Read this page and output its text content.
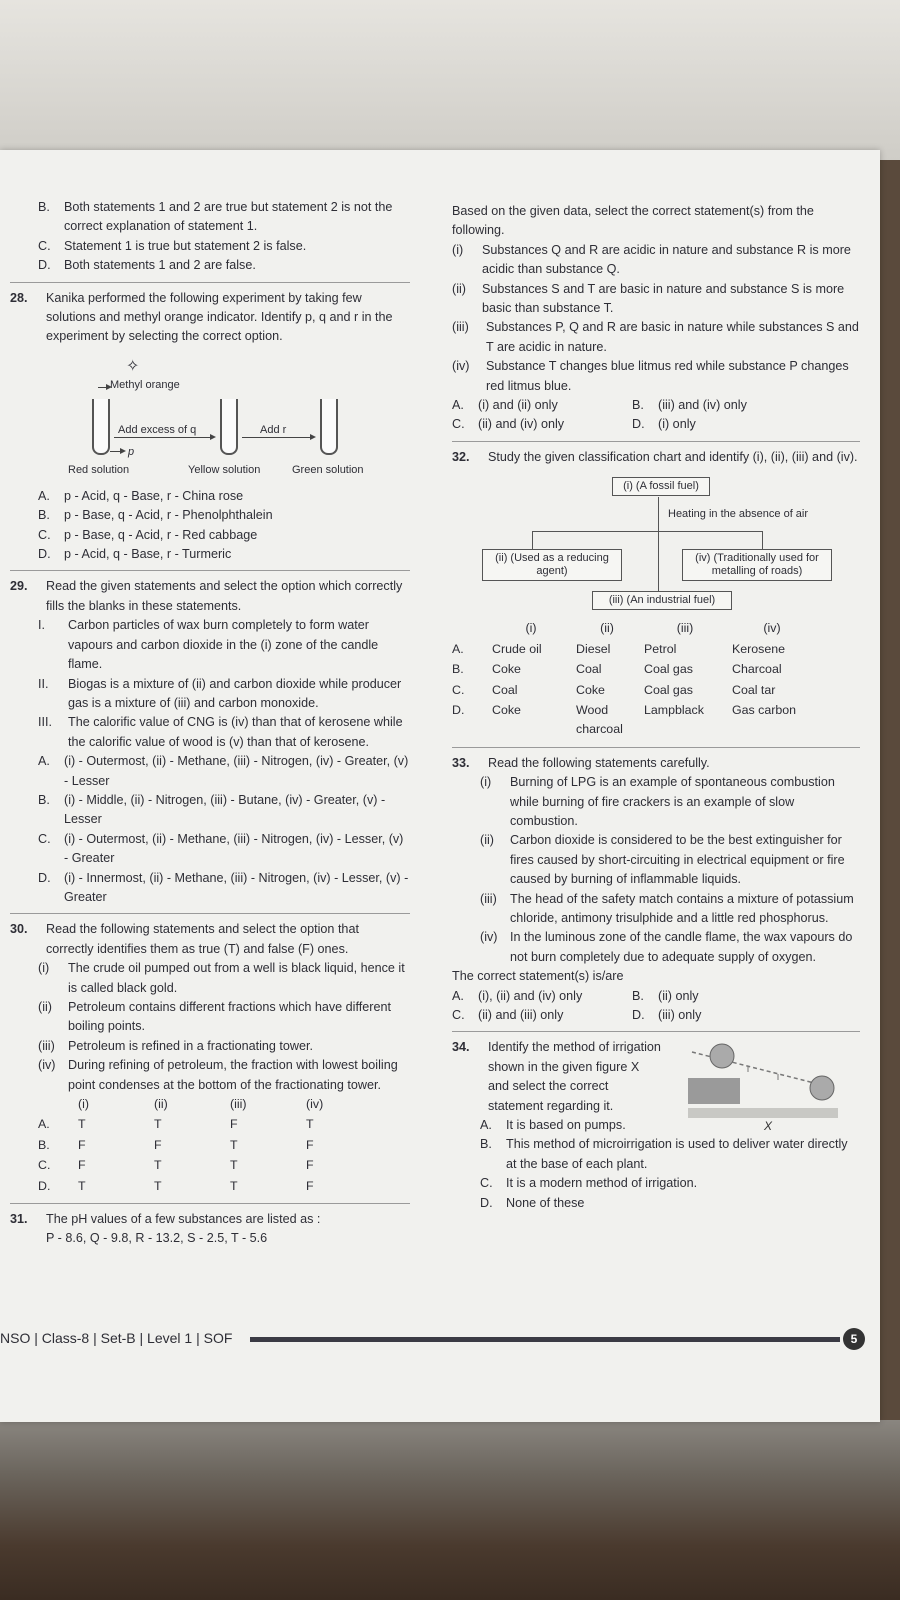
B.	Both statements 1 and 2 are true but statement 2 is not the correct explanation of statement 1.
C.	Statement 1 is true but statement 2 is false.
D.	Both statements 1 and 2 are false.
28.	Kanika performed the following experiment by taking few solutions and methyl orange indicator. Identify p, q and r in the experiment by selecting the correct option.

✧
Methyl orange
Add excess of q	Add r
p
Red solution	Yellow solution	Green solution
A.	p - Acid, q - Base, r - China rose
B.	p - Base, q - Acid, r - Phenolphthalein
C.	p - Base, q - Acid, r - Red cabbage
D.	p - Acid, q - Base, r - Turmeric
29.	Read the given statements and select the option which correctly fills the blanks in these statements.

I.	Carbon particles of wax burn completely to form water vapours and carbon dioxide in the (i) zone of the candle flame.
II.	Biogas is a mixture of (ii) and carbon dioxide while producer gas is a mixture of (iii) and carbon monoxide.
III.	The calorific value of CNG is (iv) than that of kerosene while the calorific value of wood is (v) than that of kerosene.
A.	(i) - Outermost, (ii) - Methane, (iii) - Nitrogen, (iv) - Greater, (v) - Lesser
B.	(i) - Middle, (ii) - Nitrogen, (iii) - Butane, (iv) - Greater, (v) - Lesser
C.	(i) - Outermost, (ii) - Methane, (iii) - Nitrogen, (iv) - Lesser, (v) - Greater
D.	(i) - Innermost, (ii) - Methane, (iii) - Nitrogen, (iv) - Lesser, (v) - Greater
30.	Read the following statements and select the option that correctly identifies them as true (T) and false (F) ones.

(i)	The crude oil pumped out from a well is black liquid, hence it is called black gold.
(ii)	Petroleum contains different fractions which have different boiling points.
(iii)	Petroleum is refined in a fractionating tower.
(iv) During refining of petroleum, the fraction with lowest boiling point condenses at the bottom of the fractionating tower.
	(i)	(ii)	(iii)	(iv)
A.	T	T	F	T
B.	F	F	T	F
C.	F	T	T	F
D.	T	T	T	F
31.	The pH values of a few substances are listed as :

P - 8.6, Q - 9.8, R - 13.2, S - 2.5, T - 5.6

Based on the given data, select the correct statement(s) from the following.

(i)	Substances Q and R are acidic in nature and substance R is more acidic than substance Q.
(ii)	Substances S and T are basic in nature and substance S is more basic than substance T.
(iii)	Substances P, Q and R are basic in nature while substances S and T are acidic in nature.
(iv)	Substance T changes blue litmus red while substance P changes red litmus blue.
A.	(i) and (ii) only	B.	(iii) and (iv) only
C.	(ii) and (iv) only	D.	(i) only
32.	Study the given classification chart and identify (i), (ii), (iii) and (iv).

(i) (A fossil fuel)
Heating in the absence of air
(ii) (Used as a reducing agent)
(iv) (Traditionally used for metalling of roads)
(iii) (An industrial fuel)
	(i)	(ii)	(iii)	(iv)
A.	Crude oil	Diesel	Petrol	Kerosene
B.	Coke	Coal	Coal gas	Charcoal
C.	Coal	Coke	Coal gas	Coal tar
D.	Coke	Wood charcoal	Lampblack	Gas carbon
33.	Read the following statements carefully.

(i)	Burning of LPG is an example of spontaneous combustion while burning of fire crackers is an example of slow combustion.
(ii)	Carbon dioxide is considered to be the best extinguisher for fires caused by short-circuiting in electrical equipment or fire caused by burning of inflammable liquids.
(iii)	The head of the safety match contains a mixture of potassium chloride, antimony trisulphide and a little red phosphorus.
(iv) In the luminous zone of the candle flame, the wax vapours do not burn completely due to adequate supply of oxygen.

The correct statement(s) is/are

A.	(i), (ii) and (iv) only	B.	(ii) only
C.	(ii) and (iii) only	D.	(iii) only
34.	Identify the method of irrigation shown in the given figure X and select the correct statement regarding it.

X
A.	It is based on pumps.
B.	This method of microirrigation is used to deliver water directly at the base of each plant.
C.	It is a modern method of irrigation.
D.	None of these
NSO | Class-8 | Set-B | Level 1 | SOF	5
